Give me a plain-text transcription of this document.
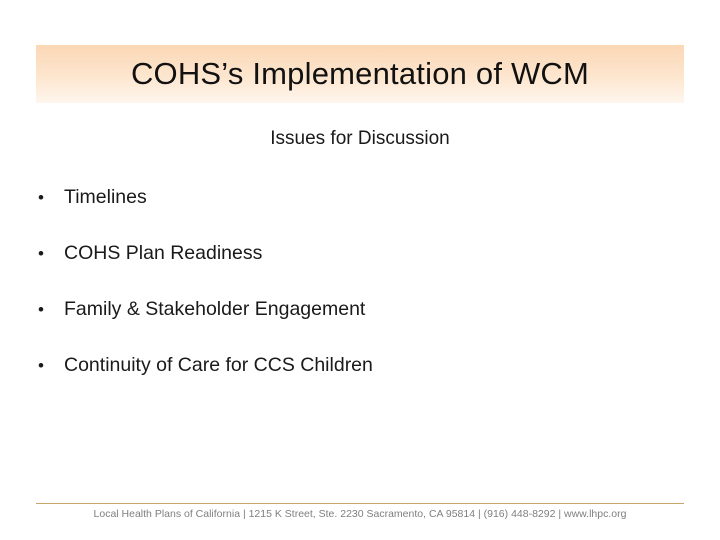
COHS’s Implementation of WCM
Issues for Discussion
•	Timelines
•	COHS Plan Readiness
•	Family & Stakeholder Engagement
•	Continuity of Care for CCS Children
Local Health Plans of California | 1215 K Street, Ste. 2230 Sacramento, CA 95814 | (916) 448-8292 | www.lhpc.org
